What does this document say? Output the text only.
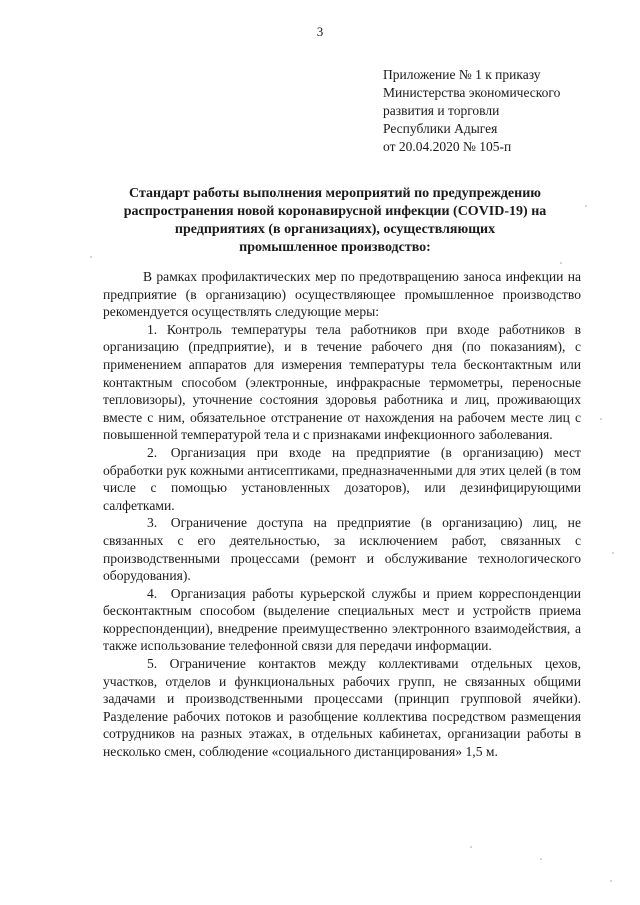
3
Приложение № 1 к приказу
Министерства экономического
развития и торговли
Республики Адыгея
от 20.04.2020 № 105-п
Стандарт работы выполнения мероприятий по предупреждению
распространения новой коронавирусной инфекции (COVID-19) на
предприятиях (в организациях), осуществляющих
промышленное производство:

В рамках профилактических мер по предотвращению заноса инфекции на предприятие (в организацию) осуществляющее промышленное производство рекомендуется осуществлять следующие меры:

1. Контроль температуры тела работников при входе работников в организацию (предприятие), и в течение рабочего дня (по показаниям), с применением аппаратов для измерения температуры тела бесконтактным или контактным способом (электронные, инфракрасные термометры, переносные тепловизоры), уточнение состояния здоровья работника и лиц, проживающих вместе с ним, обязательное отстранение от нахождения на рабочем месте лиц с повышенной температурой тела и с признаками инфекционного заболевания.

2. Организация при входе на предприятие (в организацию) мест обработки рук кожными антисептиками, предназначенными для этих целей (в том числе с помощью установленных дозаторов), или дезинфицирующими салфетками.

3. Ограничение доступа на предприятие (в организацию) лиц, не связанных с его деятельностью, за исключением работ, связанных с производственными процессами (ремонт и обслуживание технологического оборудования).

4. Организация работы курьерской службы и прием корреспонденции бесконтактным способом (выделение специальных мест и устройств приема корреспонденции), внедрение преимущественно электронного взаимодействия, а также использование телефонной связи для передачи информации.

5. Ограничение контактов между коллективами отдельных цехов, участков, отделов и функциональных рабочих групп, не связанных общими задачами и производственными процессами (принцип групповой ячейки). Разделение рабочих потоков и разобщение коллектива посредством размещения сотрудников на разных этажах, в отдельных кабинетах, организации работы в несколько смен, соблюдение «социального дистанцирования» 1,5 м.
